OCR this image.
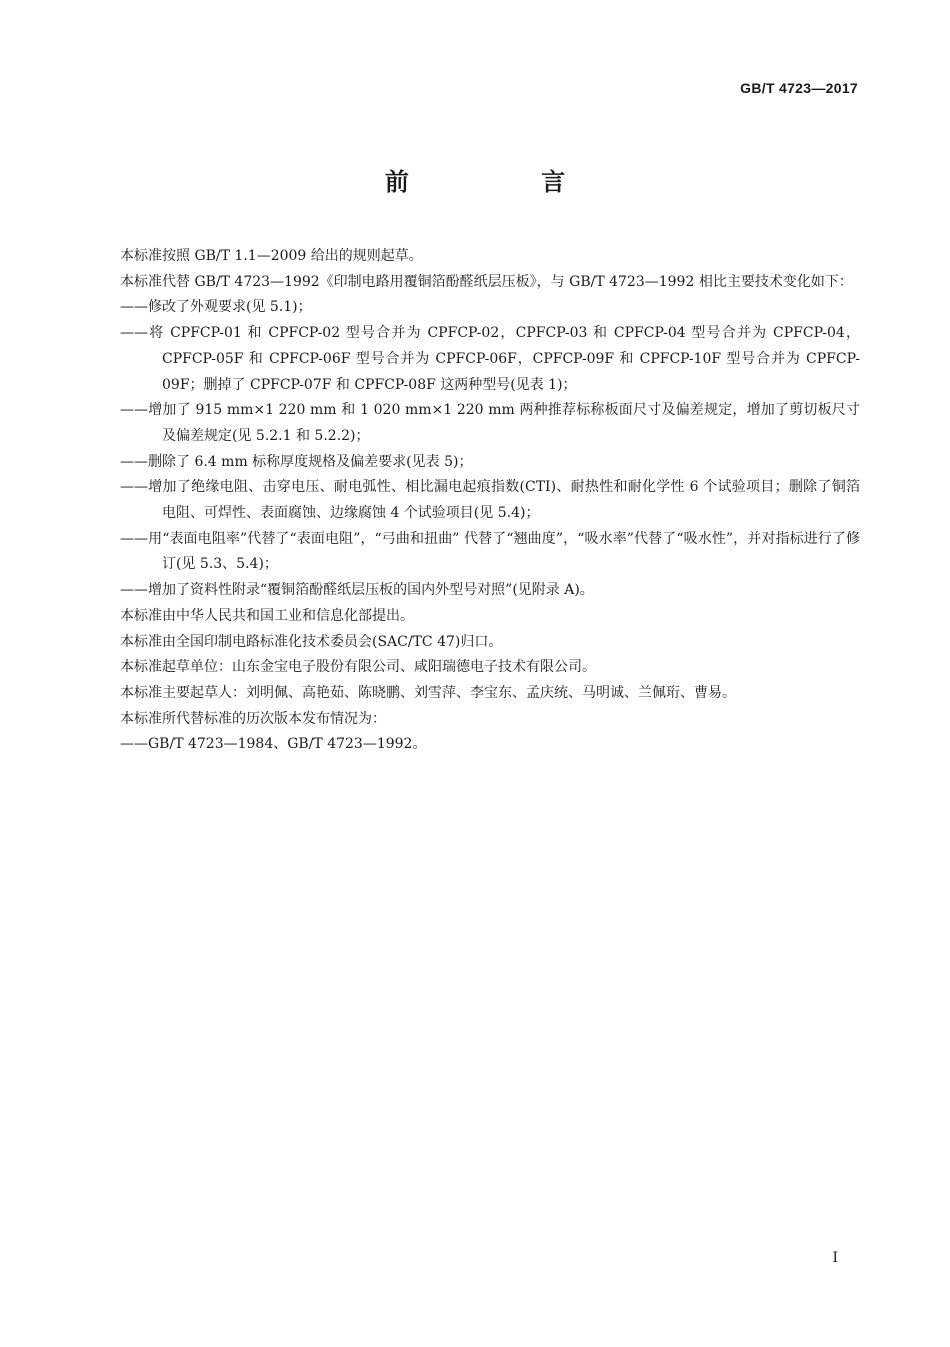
GB/T 4723—2017
前 言

本标准按照 GB/T 1.1—2009 给出的规则起草。

本标准代替 GB/T 4723—1992《印制电路用覆铜箔酚醛纸层压板》，与 GB/T 4723—1992 相比主要技术变化如下：

——修改了外观要求(见 5.1)；

——将 CPFCP-01 和 CPFCP-02 型号合并为 CPFCP-02，CPFCP-03 和 CPFCP-04 型号合并为 CPFCP-04，CPFCP-05F 和 CPFCP-06F 型号合并为 CPFCP-06F，CPFCP-09F 和 CPFCP-10F 型号合并为 CPFCP-09F；删掉了 CPFCP-07F 和 CPFCP-08F 这两种型号(见表 1)；

——增加了 915 mm×1 220 mm 和 1 020 mm×1 220 mm 两种推荐标称板面尺寸及偏差规定，增加了剪切板尺寸及偏差规定(见 5.2.1 和 5.2.2)；

——删除了 6.4 mm 标称厚度规格及偏差要求(见表 5)；

——增加了绝缘电阻、击穿电压、耐电弧性、相比漏电起痕指数(CTI)、耐热性和耐化学性 6 个试验项目；删除了铜箔电阻、可焊性、表面腐蚀、边缘腐蚀 4 个试验项目(见 5.4)；

——用“表面电阻率”代替了“表面电阻”，“弓曲和扭曲” 代替了“翘曲度”，“吸水率”代替了“吸水性”，并对指标进行了修订(见 5.3、5.4)；

——增加了资料性附录“覆铜箔酚醛纸层压板的国内外型号对照”(见附录 A)。

本标准由中华人民共和国工业和信息化部提出。

本标准由全国印制电路标准化技术委员会(SAC/TC 47)归口。

本标准起草单位：山东金宝电子股份有限公司、咸阳瑞德电子技术有限公司。

本标准主要起草人：刘明佩、高艳茹、陈晓鹏、刘雪萍、李宝东、孟庆统、马明诚、兰佩珩、曹易。

本标准所代替标准的历次版本发布情况为：

——GB/T 4723—1984、GB/T 4723—1992。

I
